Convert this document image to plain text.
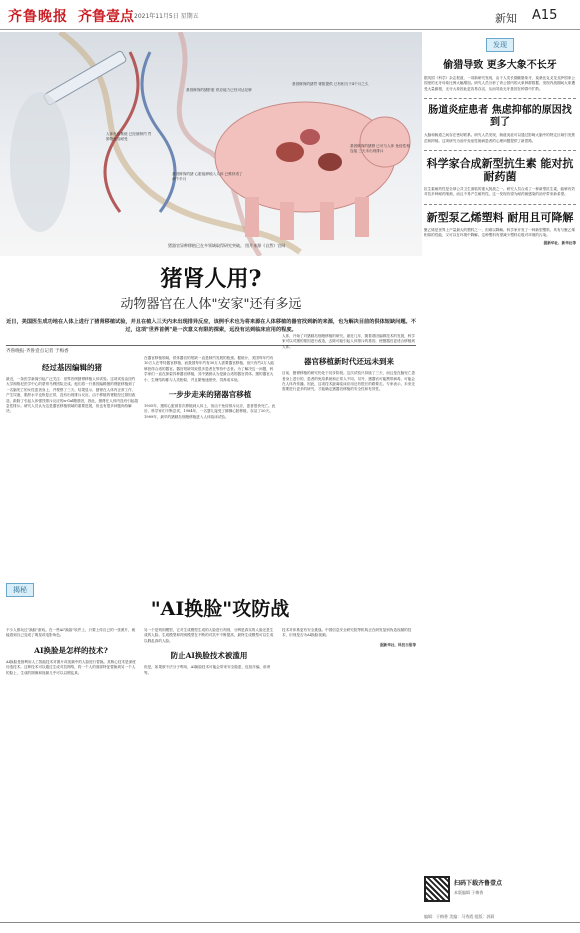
齐鲁晚报 齐鲁壹点 2021年11月5日 星期五	新知 A15
基因修饰的猪肝脏 供应能力已经可达足够
基因修饰的猪胃 肾脏提供 已有相当于4个月之久
人体免疫系统 已经被制约 胃肿物免疫耐受
基因修饰的猪 心脏能够植入人体 已维持适了两个半月
基因修饰的猪肾 已可与人体 免疫性相连接 三天未出现排斥
猪器官异种移植已在多领域取得研究突破。 图片来源《自然》官网
猪肾人用?
动物器官在人体"安家"还有多远
近日，美国医生成功地在人体上进行了猪肾移植试验，并且在植入三天内未出现排异反应，该例手术也为将来源在人体移植的器官找到新的来源，也为解决目前的供体短缺问题。不过，这项"世界首例"是一次意义有限的探索，远没有达到临床应用的程度。
齐鲁晚报·齐鲁壹点记者 于梅香
经过基因编辑的猪
最近，一条医学新闻引起广泛关注：世界首例猪肾移植人体试验。这项试验由纽约大学朗格尼医学中心的蒙哥马利团队完成。他们将一只基因编辑猪的肾脏移植到了一名脑死亡的女性患者身上，并观察了三天。结果显示，猪肾在人体内正常工作，产生尿液，肌酐水平也恢复正常，没有出现排斥反应。由于移植的肾脏经过基因改造，敲除了引起人体强烈排斥反应的α-Gal糖基因，因此，猪肾在人体内没有引起超急性排斥。研究人员认为这是器官移植领域的重要进展，但也有很多问题尚待解决。
在器官移植领域，供体器官的短缺一直是制约发展的瓶颈。据统计，美国每年约有10万人在等待器官移植，而我国每年约有30万人需要器官移植，但只有约2万人能够获得合适的器官。器官短缺导致很多患者在等待中去世。为了解决这一问题，科学家们一直在探索异种器官移植，其中猪被认为是最合适的器官供体。猪的器官大小、生理结构都与人类相似，并且繁殖速度快，饲养成本低。
一步步走来的猪器官移植
1905年，猪的心脏被首次移植到人体上，但由于免疫排斥反应，患者很快死亡。此后，科学家们不断尝试，1984年，一名婴儿接受了狒狒心脏移植，存活了20天。1989年，最早的猪胰岛细胞移植进入人体临床试验。
人体，开始了对猪胰岛细胞移植的研究。最近几年，随着基因编辑技术的发展，科学家可以对猪的基因进行改造，去除可能引起人体排斥的基因，使猪器官更适合移植到人体。
器官移植新时代还远未到来
目前，猪肾移植的研究仍处于初步阶段。这次试验只持续了三天，而且是在脑死亡患者身上进行的，患者的免疫系统和正常人不同。另外，猪器官可能携带病毒，可能会在人体内传播。因此，这项技术距离临床应用还有很长的路要走。专家表示，未来还需要进行更多的研究，才能确定猪器官移植的安全性和有效性。
揭秘
"AI换脸"攻防战
不少人都玩过"换脸"游戏。在一些AI"换脸"软件上，只要上传自己的一张照片，就能看到自己变成了明星或电影角色。
AI换脸是怎样的技术?
AI换脸是指利用人工智能技术对图片或视频中的人脸进行替换。其核心技术是深度伪造技术。这种技术可以通过生成对抗网络，将一个人的面部特征替换到另一个人的脸上，生成的图像和视频几乎可以以假乱真。
另一个是判别模型，它对生成模型生成的人脸进行判别，分辨是真实的人脸还是生成的人脸。生成模型和判别模型在不断的对抗中不断提高，最终生成模型可以生成以假乱真的人脸。
防止AI换脸技术被滥用
但是，如果被不法分子利用，AI换脸技术可能会带来安全隐患，包括诈骗、诽谤等。
技术对体系更有安全挑战。中国信息安全研究院等机构正在研发鉴别伪造视频的技术，识别是否为AI换脸视频。
据新华社、科技日报等
发现
偷猎导致 更多大象不长牙
据英国《科学》杂志报道，一项新研究发现，由于人类长期偷猎象牙，莫桑比克戈龙戈萨国家公园里的无牙母象比例大幅增加。研究人员分析了该公园内的大象种群数据，发现内战期间大象遭受大量偷猎，无牙大象因此更容易存活，从而导致无牙基因在种群中扩散。
肠道炎症患者 焦虑抑郁的原因找到了
大脑和肠道之间存在密切联系。研究人员发现，肠道炎症可以通过影响大脑中的特定区域引发焦虑和抑郁。这项研究为治疗炎症性肠病患者的心理问题提供了新思路。
科学家合成新型抗生素 能对抗耐药菌
抗生素耐药性是全球公共卫生面临的重大挑战之一。研究人员合成了一种新型抗生素，能够有效对抗多种耐药细菌，而且不易产生耐药性。这一发现有望为耐药菌感染的治疗带来新希望。
新型泵乙烯塑料 耐用且可降解
聚乙烯是世界上产量最大的塑料之一，但难以降解。科学家开发了一种新型塑料，具有与聚乙烯相似的性能，又可以在环境中降解。这种塑料有望减少塑料垃圾对环境的污染。
据新华社、新华社等
扫码下载齐鲁壹点
本版编辑 于梅香
编辑：于梅香 美编：马秀霞 组版：郭莉
